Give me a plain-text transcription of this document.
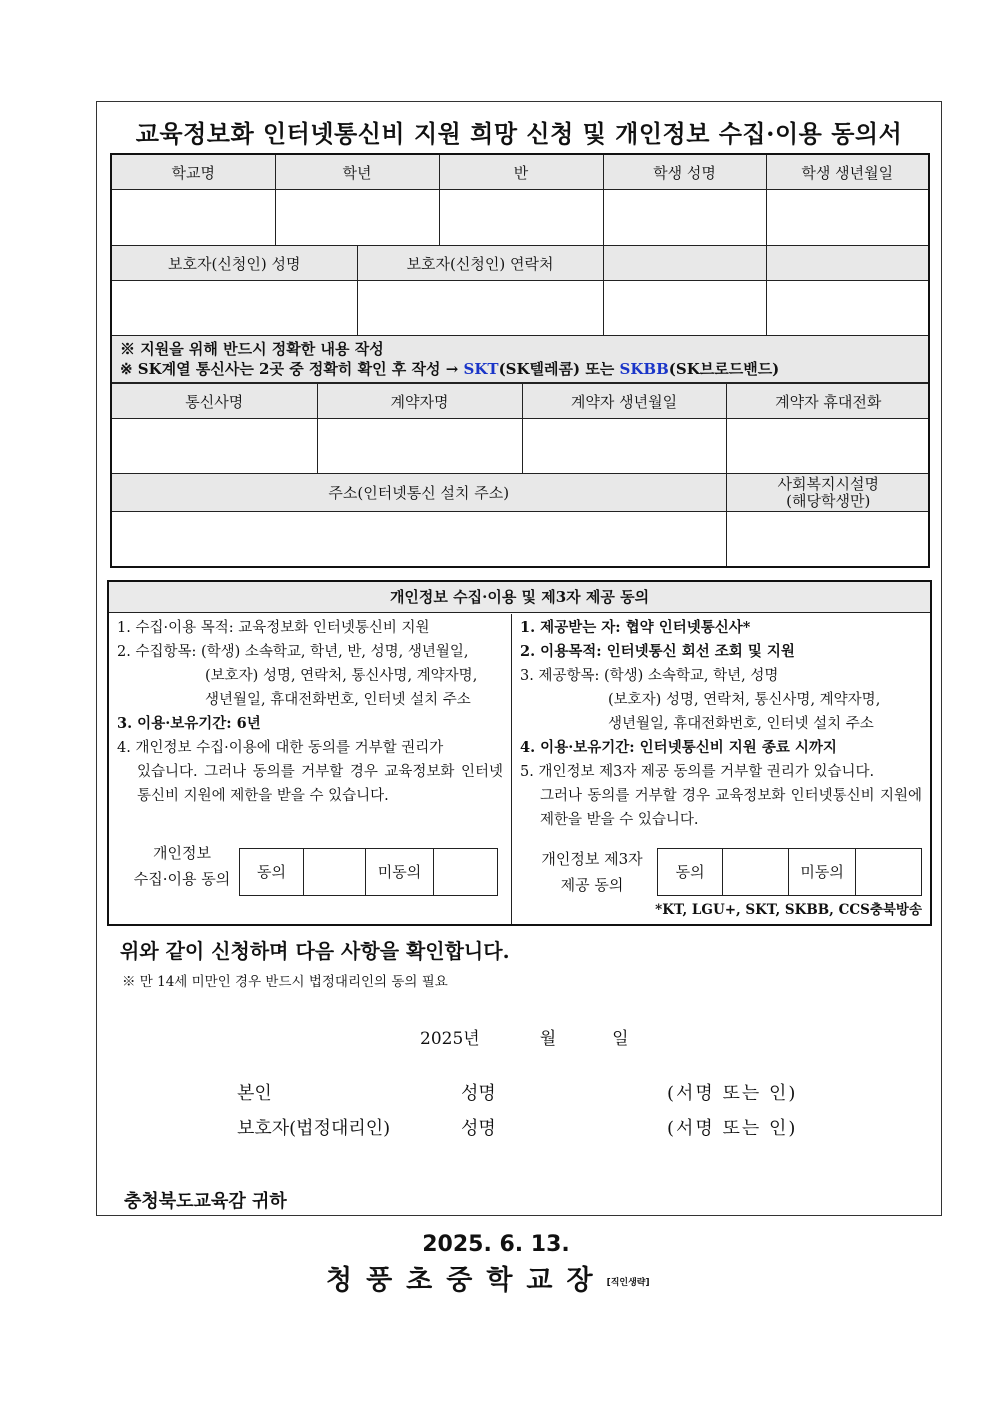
교육정보화 인터넷통신비 지원 희망 신청 및 개인정보 수집·이용 동의서
학교명	학년	반	학생 성명	학생 생년월일

보호자(신청인) 성명	보호자(신청인) 연락처		

※ 지원을 위해 반드시 정확한 내용 작성
※ SK계열 통신사는 2곳 중 정확히 확인 후 작성 → SKT(SK텔레콤) 또는 SKBB(SK브로드밴드)

통신사명	계약자명	계약자 생년월일	계약자 휴대전화

주소(인터넷통신 설치 주소)	
사회복지시설명
(해당학생만)

개인정보 수집·이용 및 제3자 제공 동의
1. 수집·이용 목적: 교육정보화 인터넷통신비 지원
2. 수집항목: (학생) 소속학교, 학년, 반, 성명, 생년월일,
(보호자) 성명, 연락처, 통신사명, 계약자명,
생년월일, 휴대전화번호, 인터넷 설치 주소
3. 이용·보유기간: 6년
4. 개인정보 수집·이용에 대한 동의를 거부할 권리가
있습니다. 그러나 동의를 거부할 경우 교육정보화 인터넷통신비 지원에 제한을 받을 수 있습니다.
개인정보
수집·이용 동의	동의		미동의	
1. 제공받는 자: 협약 인터넷통신사*
2. 이용목적: 인터넷통신 회선 조회 및 지원
3. 제공항목: (학생) 소속학교, 학년, 성명
(보호자) 성명, 연락처, 통신사명, 계약자명,
생년월일, 휴대전화번호, 인터넷 설치 주소
4. 이용·보유기간: 인터넷통신비 지원 종료 시까지
5. 개인정보 제3자 제공 동의를 거부할 권리가 있습니다.
그러나 동의를 거부할 경우 교육정보화 인터넷통신비 지원에 제한을 받을 수 있습니다.
개인정보 제3자
제공 동의
동의		미동의	
*KT, LGU+, SKT, SKBB, CCS충북방송
위와 같이 신청하며 다음 사항을 확인합니다.
※ 만 14세 미만인 경우 반드시 법정대리인의 동의 필요
2025년	월	일
본인	성명	(서명 또는 인)
보호자(법정대리인)	성명	(서명 또는 인)
충청북도교육감 귀하
2025. 6. 13.
청풍초중학교장[직인생략]
